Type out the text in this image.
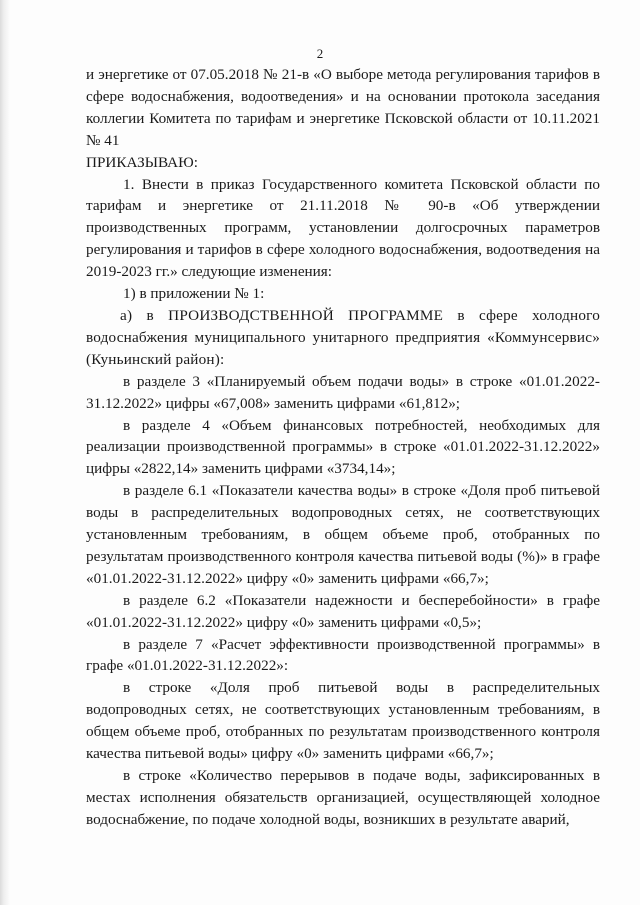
2

и энергетике от 07.05.2018 № 21-в «О выборе метода регулирования тарифов в сфере водоснабжения, водоотведения» и на основании протокола заседания коллегии Комитета по тарифам и энергетике Псковской области от 10.11.2021 № 41

ПРИКАЗЫВАЮ:

1. Внести в приказ Государственного комитета Псковской области по тарифам и энергетике от 21.11.2018 № 90-в «Об утверждении производственных программ, установлении долгосрочных параметров регулирования и тарифов в сфере холодного водоснабжения, водоотведения на 2019-2023 гг.» следующие изменения:

1) в приложении № 1:

а) в ПРОИЗВОДСТВЕННОЙ ПРОГРАММЕ в сфере холодного водоснабжения муниципального унитарного предприятия «Коммунсервис» (Куньинский район):

в разделе 3 «Планируемый объем подачи воды» в строке «01.01.2022-31.12.2022» цифры «67,008» заменить цифрами «61,812»;

в разделе 4 «Объем финансовых потребностей, необходимых для реализации производственной программы» в строке «01.01.2022-31.12.2022» цифры «2822,14» заменить цифрами «3734,14»;

в разделе 6.1 «Показатели качества воды» в строке «Доля проб питьевой воды в распределительных водопроводных сетях, не соответствующих установленным требованиям, в общем объеме проб, отобранных по результатам производственного контроля качества питьевой воды (%)» в графе «01.01.2022-31.12.2022» цифру «0» заменить цифрами «66,7»;

в разделе 6.2 «Показатели надежности и бесперебойности» в графе «01.01.2022-31.12.2022» цифру «0» заменить цифрами «0,5»;

в разделе 7 «Расчет эффективности производственной программы» в графе «01.01.2022-31.12.2022»:

в строке «Доля проб питьевой воды в распределительных водопроводных сетях, не соответствующих установленным требованиям, в общем объеме проб, отобранных по результатам производственного контроля качества питьевой воды» цифру «0» заменить цифрами «66,7»;

в строке «Количество перерывов в подаче воды, зафиксированных в местах исполнения обязательств организацией, осуществляющей холодное водоснабжение, по подаче холодной воды, возникших в результате аварий,
